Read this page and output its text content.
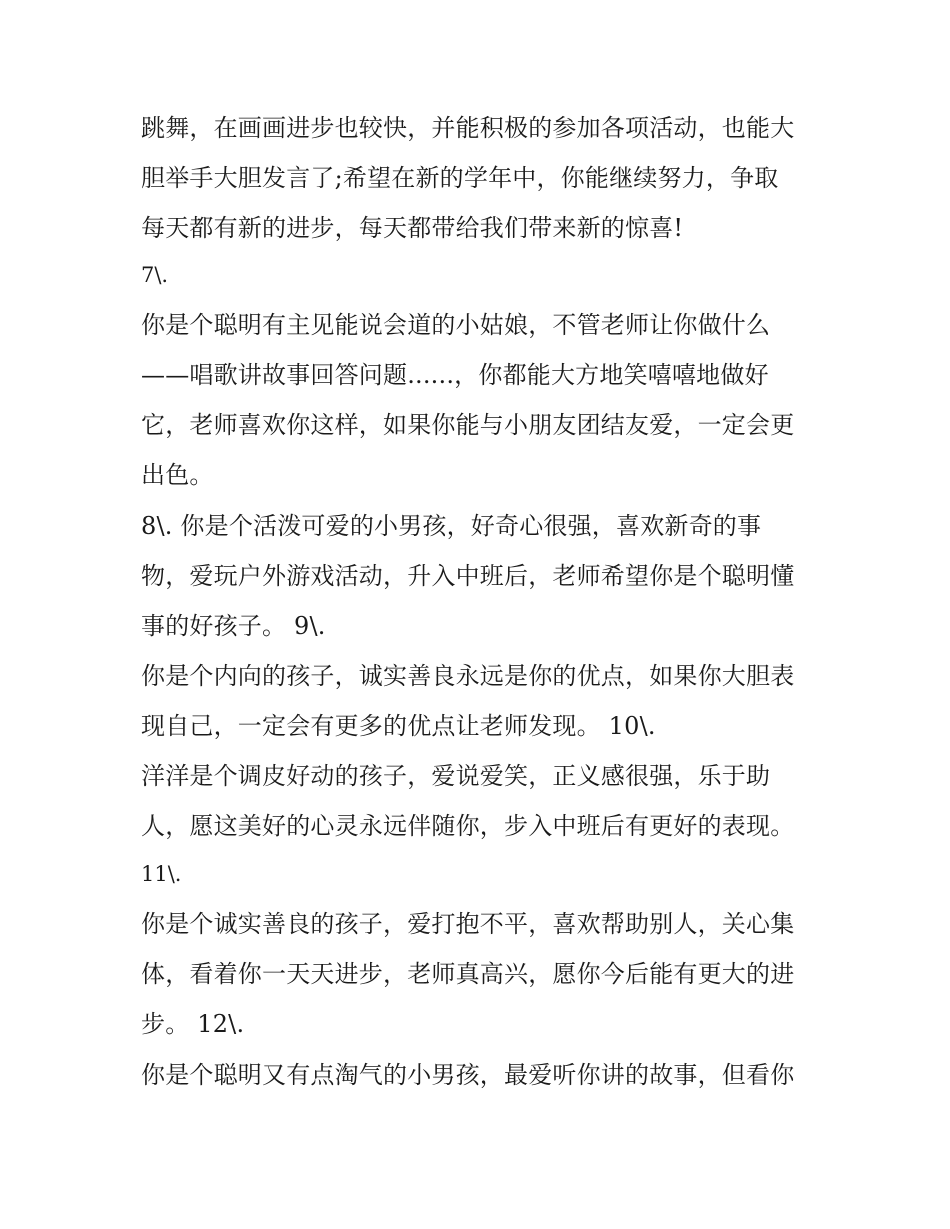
跳舞，在画画进步也较快，并能积极的参加各项活动，也能大
胆举手大胆发言了;希望在新的学年中，你能继续努力，争取
每天都有新的进步，每天都带给我们带来新的惊喜!
7\.
你是个聪明有主见能说会道的小姑娘，不管老师让你做什么
——唱歌讲故事回答问题......，你都能大方地笑嘻嘻地做好
它，老师喜欢你这样，如果你能与小朋友团结友爱，一定会更
出色。
8\. 你是个活泼可爱的小男孩，好奇心很强，喜欢新奇的事
物，爱玩户外游戏活动，升入中班后，老师希望你是个聪明懂
事的好孩子。 9\.
你是个内向的孩子，诚实善良永远是你的优点，如果你大胆表
现自己，一定会有更多的优点让老师发现。 10\.
洋洋是个调皮好动的孩子，爱说爱笑，正义感很强，乐于助
人，愿这美好的心灵永远伴随你，步入中班后有更好的表现。
11\.
你是个诚实善良的孩子，爱打抱不平，喜欢帮助别人，关心集
体，看着你一天天进步，老师真高兴，愿你今后能有更大的进
步。 12\.
你是个聪明又有点淘气的小男孩，最爱听你讲的故事，但看你
